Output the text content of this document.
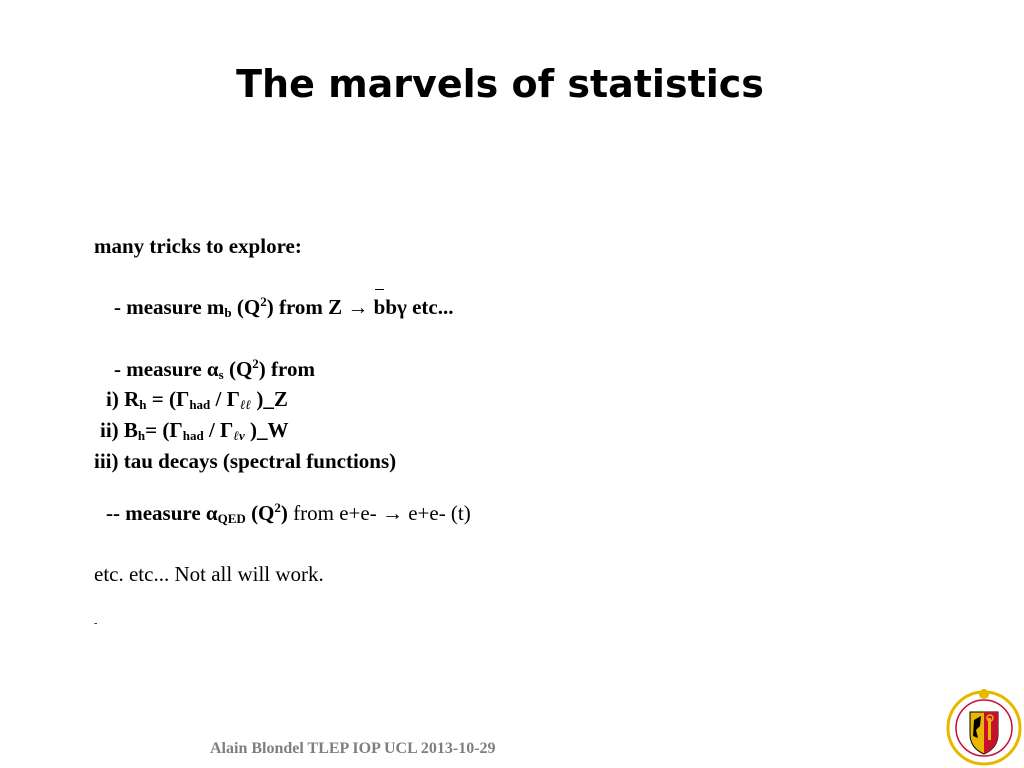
The marvels of statistics
many tricks to explore:
- measure $m_b$ $(Q^2)$ from Z → bbγ etc...
- measure $\alpha_s$ $(Q^2)$ from
i) $R_h = (\Gamma_{had} / \Gamma_{\ell\ell}$ )_Z
ii) $B_h= (\Gamma_{had} / \Gamma_{\ell\nu}$ )_W
iii) tau decays (spectral functions)
-- measure $\alpha_{QED}$ $(Q^2)$ from e+e- → e+e- (t)
etc. etc... Not all will work.
-
Alain Blondel TLEP IOP UCL 2013-10-29
